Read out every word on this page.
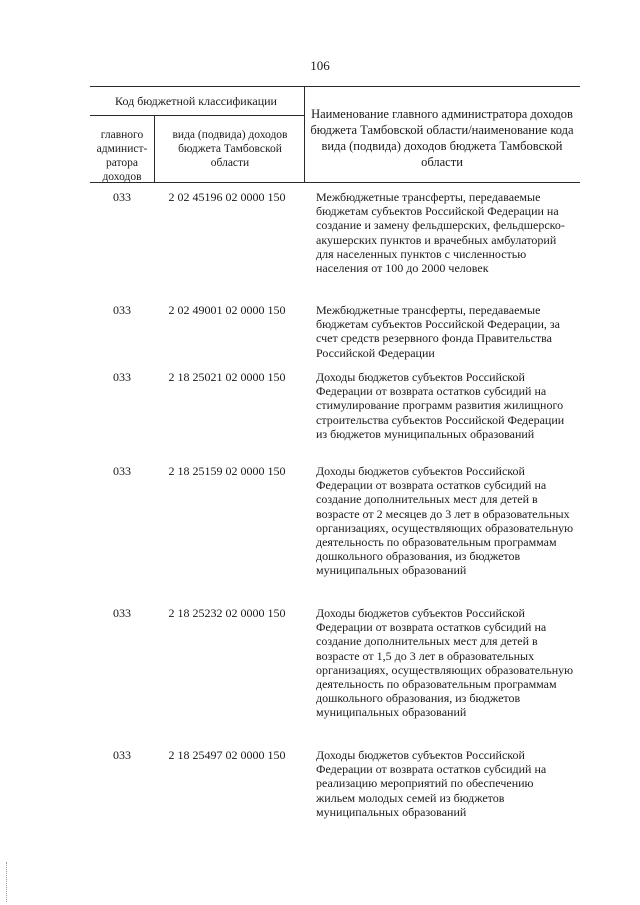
106
Код бюджетной классификации
главного админист-ратора доходов
вида (подвида) доходов бюджета Тамбовской области
Наименование главного администратора доходов бюджета Тамбовской области/наименование кода вида (подвида) доходов бюджета Тамбовской области
033	2 02 45196 02 0000 150	Межбюджетные трансферты, передаваемые бюджетам субъектов Российской Федерации на создание и замену фельдшерских, фельдшерско-акушерских пунктов и врачебных амбулаторий для населенных пунктов с численностью населения от 100 до 2000 человек
033	2 02 49001 02 0000 150	Межбюджетные трансферты, передаваемые бюджетам субъектов Российской Федерации, за счет средств резервного фонда Правительства Российской Федерации
033	2 18 25021 02 0000 150	Доходы бюджетов субъектов Российской Федерации от возврата остатков субсидий на стимулирование программ развития жилищного строительства субъектов Российской Федерации из бюджетов муниципальных образований
033	2 18 25159 02 0000 150	Доходы бюджетов субъектов Российской Федерации от возврата остатков субсидий на создание дополнительных мест для детей в возрасте от 2 месяцев до 3 лет в образовательных организациях, осуществляющих образовательную деятельность по образовательным программам дошкольного образования, из бюджетов муниципальных образований
033	2 18 25232 02 0000 150	Доходы бюджетов субъектов Российской Федерации от возврата остатков субсидий на создание дополнительных мест для детей в возрасте от 1,5 до 3 лет в образовательных организациях, осуществляющих образовательную деятельность по образовательным программам дошкольного образования, из бюджетов муниципальных образований
033	2 18 25497 02 0000 150	Доходы бюджетов субъектов Российской Федерации от возврата остатков субсидий на реализацию мероприятий по обеспечению жильем молодых семей из бюджетов муниципальных образований
